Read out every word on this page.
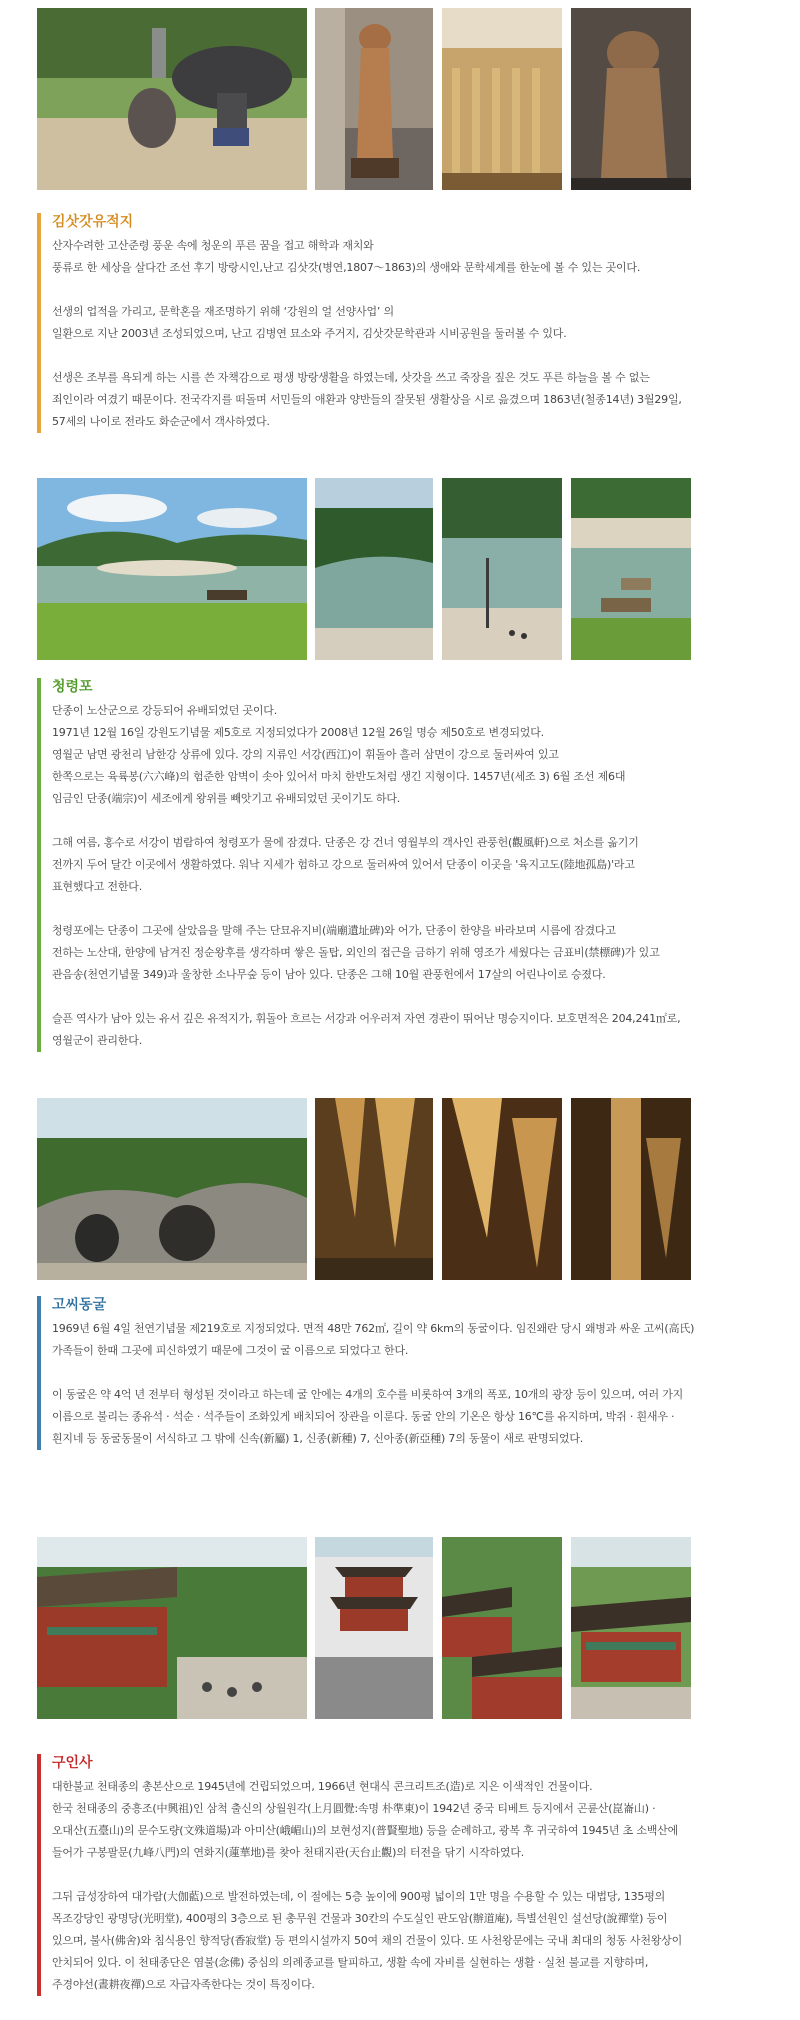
김삿갓유적지
산자수려한 고산준령 풍운 속에 청운의 푸른 꿈을 접고 해학과 재치와
풍류로 한 세상을 살다간 조선 후기 방랑시인,난고 김삿갓(병연,1807～1863)의 생애와 문학세계를 한눈에 볼 수 있는 곳이다.
선생의 업적을 가리고, 문학혼을 재조명하기 위해 ‘강원의 얼 선양사업’ 의
일환으로 지난 2003년 조성되었으며, 난고 김병연 묘소와 주거지, 김삿갓문학관과 시비공원을 둘러볼 수 있다.
선생은 조부를 욕되게 하는 시를 쓴 자책감으로 평생 방랑생활을 하였는데, 삿갓을 쓰고 죽장을 짚은 것도 푸른 하늘을 볼 수 없는
죄인이라 여겼기 때문이다. 전국각지를 떠돌며 서민들의 애환과 양반들의 잘못된 생활상을 시로 읊겼으며 1863년(철종14년) 3월29일,
57세의 나이로 전라도 화순군에서 객사하였다.
청령포
단종이 노산군으로 강등되어 유배되었던 곳이다.
1971년 12월 16일 강원도기념물 제5호로 지정되었다가 2008년 12월 26일 명승 제50호로 변경되었다.
영월군 남면 광천리 남한강 상류에 있다. 강의 지류인 서강(西江)이 휘돌아 흘러 삼면이 강으로 둘러싸여 있고
한쪽으로는 육륙봉(六六峰)의 험준한 암벽이 솟아 있어서 마치 한반도처럼 생긴 지형이다. 1457년(세조 3) 6월 조선 제6대
임금인 단종(端宗)이 세조에게 왕위를 빼앗기고 유배되었던 곳이기도 하다.
그해 여름, 홍수로 서강이 범람하여 청령포가 물에 잠겼다. 단종은 강 건너 영월부의 객사인 관풍헌(觀風軒)으로 처소를 옮기기
전까지 두어 달간 이곳에서 생활하였다. 워낙 지세가 험하고 강으로 둘러싸여 있어서 단종이 이곳을 '육지고도(陸地孤島)'라고
표현했다고 전한다.
청령포에는 단종이 그곳에 살았음을 말해 주는 단묘유지비(端廟遺址碑)와 어가, 단종이 한양을 바라보며 시름에 잠겼다고
전하는 노산대, 한양에 남겨진 정순왕후를 생각하며 쌓은 돌탑, 외인의 접근을 금하기 위해 영조가 세웠다는 금표비(禁標碑)가 있고
관음송(천연기념물 349)과 울창한 소나무숲 등이 남아 있다. 단종은 그해 10월 관풍헌에서 17살의 어린나이로 승졌다.
슬픈 역사가 남아 있는 유서 깊은 유적지가, 휘돌아 흐르는 서강과 어우러져 자연 경관이 뛰어난 명승지이다. 보호면적은 204,241㎡로,
영월군이 관리한다.
고씨동굴
1969년 6월 4일 천연기념물 제219호로 지정되었다. 면적 48만 762㎡, 길이 약 6km의 동굴이다. 임진왜란 당시 왜병과 싸운 고씨(高氏)
가족들이 한때 그곳에 피신하였기 때문에 그것이 굴 이름으로 되었다고 한다.
이 동굴은 약 4억 년 전부터 형성된 것이라고 하는데 굴 안에는 4개의 호수를 비롯하여 3개의 폭포, 10개의 광장 등이 있으며, 여러 가지
이름으로 불리는 종유석 · 석순 · 석주들이 조화있게 배치되어 장관을 이룬다. 동굴 안의 기온은 항상 16℃를 유지하며, 박쥐 · 흰새우 ·
흰지네 등 동굴동물이 서식하고 그 밖에 신속(新屬) 1, 신종(新種) 7, 신아종(新亞種) 7의 동물이 새로 판명되었다.
구인사
대한불교 천태종의 총본산으로 1945년에 건립되었으며, 1966년 현대식 콘크리트조(造)로 지은 이색적인 건물이다.
한국 천태종의 중흥조(中興祖)인 삼척 출신의 상월원각(上月圓覺:속명 朴準東)이 1942년 중국 티베트 등지에서 곤륜산(崑崙山) ·
오대산(五臺山)의 문수도량(文殊道場)과 아미산(峨嵋山)의 보현성지(普賢聖地) 등을 순례하고, 광복 후 귀국하여 1945년 초 소백산에
들어가 구봉팔문(九峰八門)의 연화지(蓮華地)를 찾아 천태지관(天台止觀)의 터전을 닦기 시작하였다.
그뒤 급성장하여 대가람(大伽藍)으로 발전하였는데, 이 절에는 5층 높이에 900평 넓이의 1만 명을 수용할 수 있는 대법당, 135평의
목조강당인 광명당(光明堂), 400평의 3층으로 된 총무원 건물과 30칸의 수도실인 판도암(辦道庵), 특별선원인 설선당(說禪堂) 등이
있으며, 불사(佛舍)와 침식용인 향적당(香寂堂) 등 편의시설까지 50여 채의 건물이 있다. 또 사천왕문에는 국내 최대의 청동 사천왕상이
안치되어 있다. 이 천태종단은 염불(念佛) 중심의 의례종교를 탈피하고, 생활 속에 자비를 실현하는 생활 · 실천 불교를 지향하며,
주경야선(晝耕夜禪)으로 자급자족한다는 것이 특징이다.
